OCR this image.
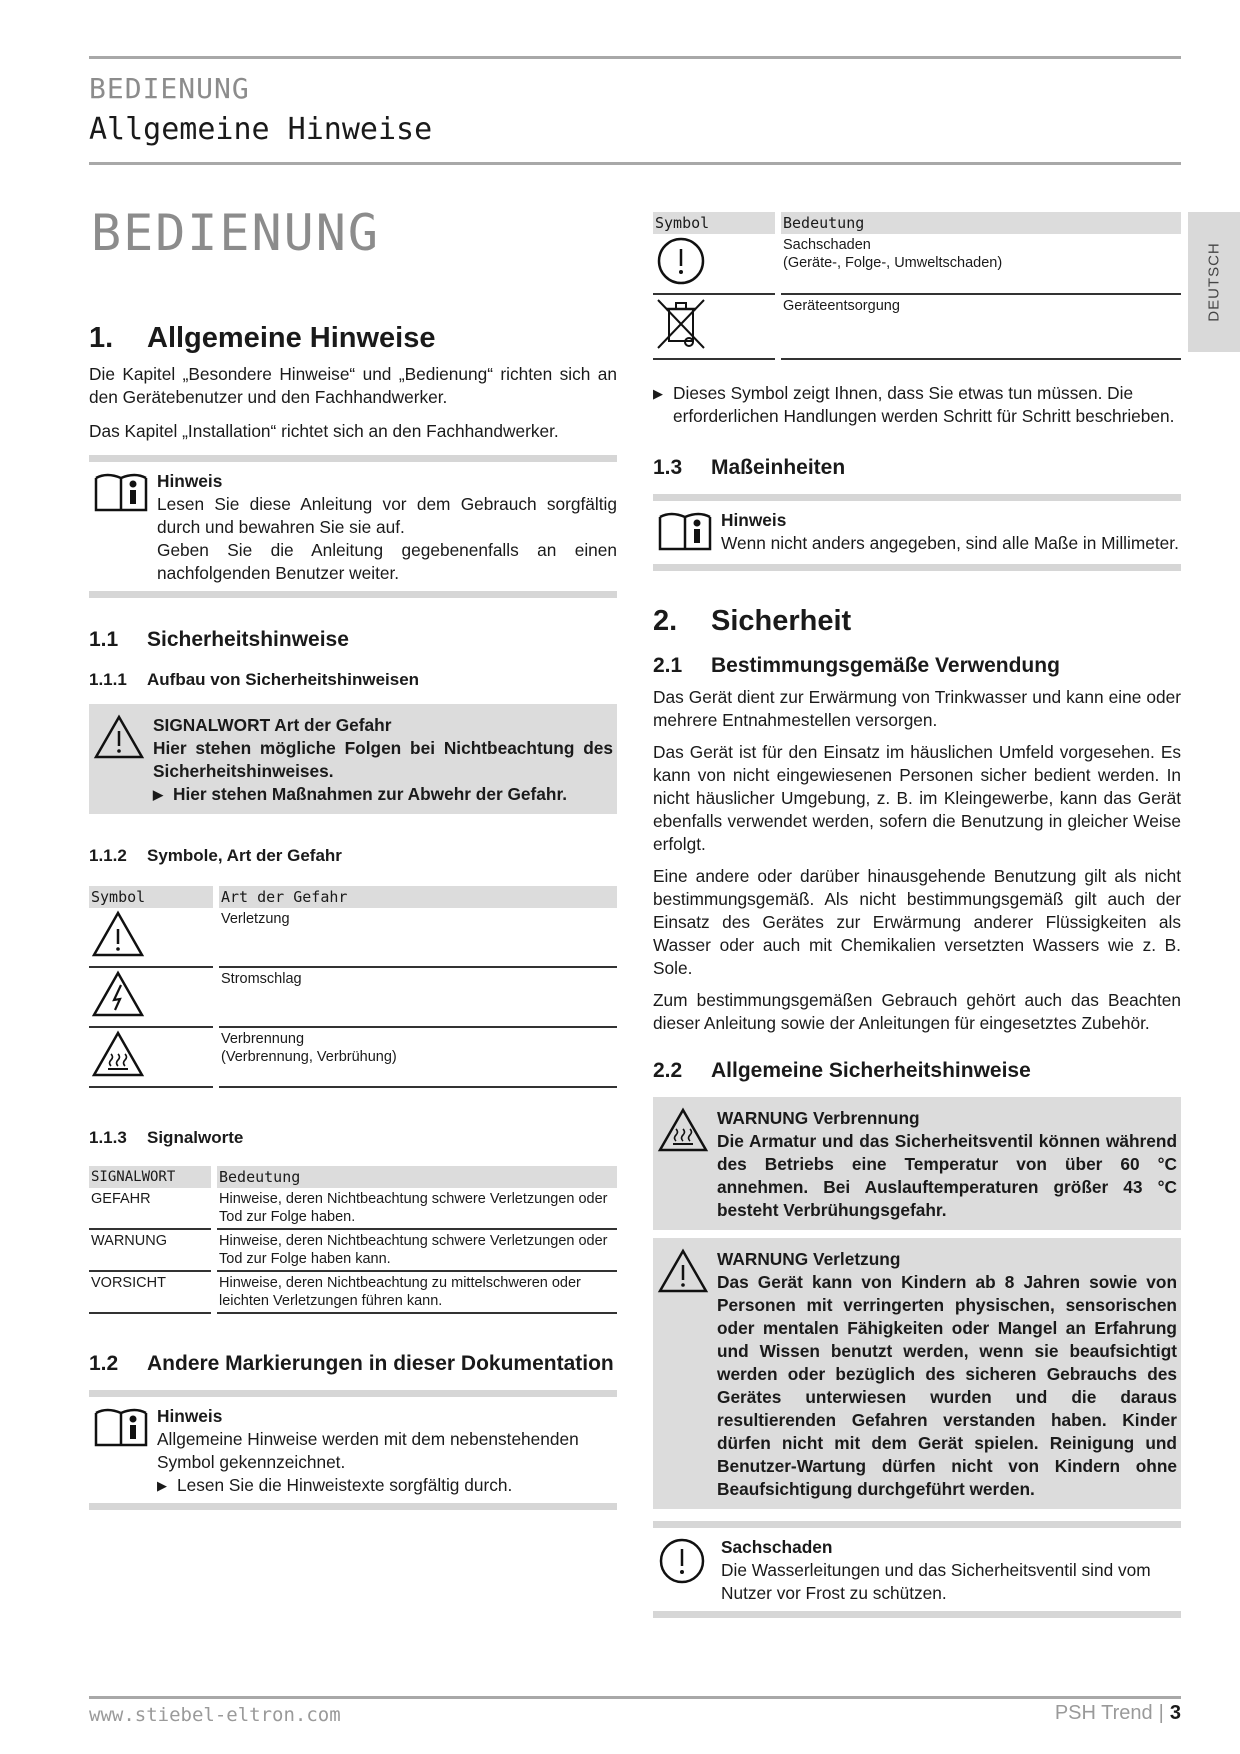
BEDIENUNG
Allgemeine Hinweise
BEDIENUNG
DEUTSCH
1.	Allgemeine Hinweise

Die Kapitel „Besondere Hinweise“ und „Bedienung“ richten sich an den Gerätebenutzer und den Fachhandwerker.

Das Kapitel „Installation“ richtet sich an den Fachhandwerker.

Hinweis
Lesen Sie diese Anleitung vor dem Gebrauch sorgfältig durch und bewahren Sie sie auf.
Geben Sie die Anleitung gegebenenfalls an einen nachfolgenden Benutzer weiter.
1.1	Sicherheitshinweise
1.1.1	Aufbau von Sicherheitshinweisen
SIGNALWORT Art der Gefahr
Hier stehen mögliche Folgen bei Nichtbeachtung des Sicherheitshinweises.
▶ Hier stehen Maßnahmen zur Abwehr der Gefahr.
1.1.2	Symbole, Art der Gefahr
Symbol		Art der Gefahr

Verletzung

Stromschlag

Verbrennung
(Verbrennung, Verbrühung)
1.1.3	Signalworte
SIGNALWORT		Bedeutung
GEFAHR		Hinweise, deren Nichtbeachtung schwere Verletzungen oder Tod zur Folge haben.
WARNUNG		Hinweise, deren Nichtbeachtung schwere Verletzungen oder Tod zur Folge haben kann.
VORSICHT		Hinweise, deren Nichtbeachtung zu mittelschweren oder leichten Verletzungen führen kann.
1.2	Andere Markierungen in dieser Dokumentation
Hinweis
Allgemeine Hinweise werden mit dem nebenstehenden Symbol gekennzeichnet.
▶ Lesen Sie die Hinweistexte sorgfältig durch.
Symbol		Bedeutung

Sachschaden
(Geräte-, Folge-, Umweltschaden)

Geräteentsorgung
▶ Dieses Symbol zeigt Ihnen, dass Sie etwas tun müssen. Die erforderlichen Handlungen werden Schritt für Schritt beschrieben.
1.3	Maßeinheiten
Hinweis
Wenn nicht anders angegeben, sind alle Maße in Millimeter.
2.	Sicherheit
2.1	Bestimmungsgemäße Verwendung

Das Gerät dient zur Erwärmung von Trinkwasser und kann eine oder mehrere Entnahmestellen versorgen.

Das Gerät ist für den Einsatz im häuslichen Umfeld vorgesehen. Es kann von nicht eingewiesenen Personen sicher bedient werden. In nicht häuslicher Umgebung, z. B. im Kleingewerbe, kann das Gerät ebenfalls verwendet werden, sofern die Benutzung in gleicher Weise erfolgt.

Eine andere oder darüber hinausgehende Benutzung gilt als nicht bestimmungsgemäß. Als nicht bestimmungsgemäß gilt auch der Einsatz des Gerätes zur Erwärmung anderer Flüssigkeiten als Wasser oder auch mit Chemikalien versetzten Wassers wie z. B. Sole.

Zum bestimmungsgemäßen Gebrauch gehört auch das Beachten dieser Anleitung sowie der Anleitungen für eingesetztes Zubehör.

2.2	Allgemeine Sicherheitshinweise
WARNUNG Verbrennung
Die Armatur und das Sicherheitsventil können während des Betriebs eine Temperatur von über 60 °C annehmen. Bei Auslauftemperaturen größer 43 °C besteht Verbrühungsgefahr.
WARNUNG Verletzung
Das Gerät kann von Kindern ab 8 Jahren sowie von Personen mit verringerten physischen, sensorischen oder mentalen Fähigkeiten oder Mangel an Erfahrung und Wissen benutzt werden, wenn sie beaufsichtigt werden oder bezüglich des sicheren Gebrauchs des Gerätes unterwiesen wurden und die daraus resultierenden Gefahren verstanden haben. Kinder dürfen nicht mit dem Gerät spielen. Reinigung und Benutzer-Wartung dürfen nicht von Kindern ohne Beaufsichtigung durchgeführt werden.
Sachschaden
Die Wasserleitungen und das Sicherheitsventil sind vom Nutzer vor Frost zu schützen.
www.stiebel-eltron.com	PSH Trend | 3
